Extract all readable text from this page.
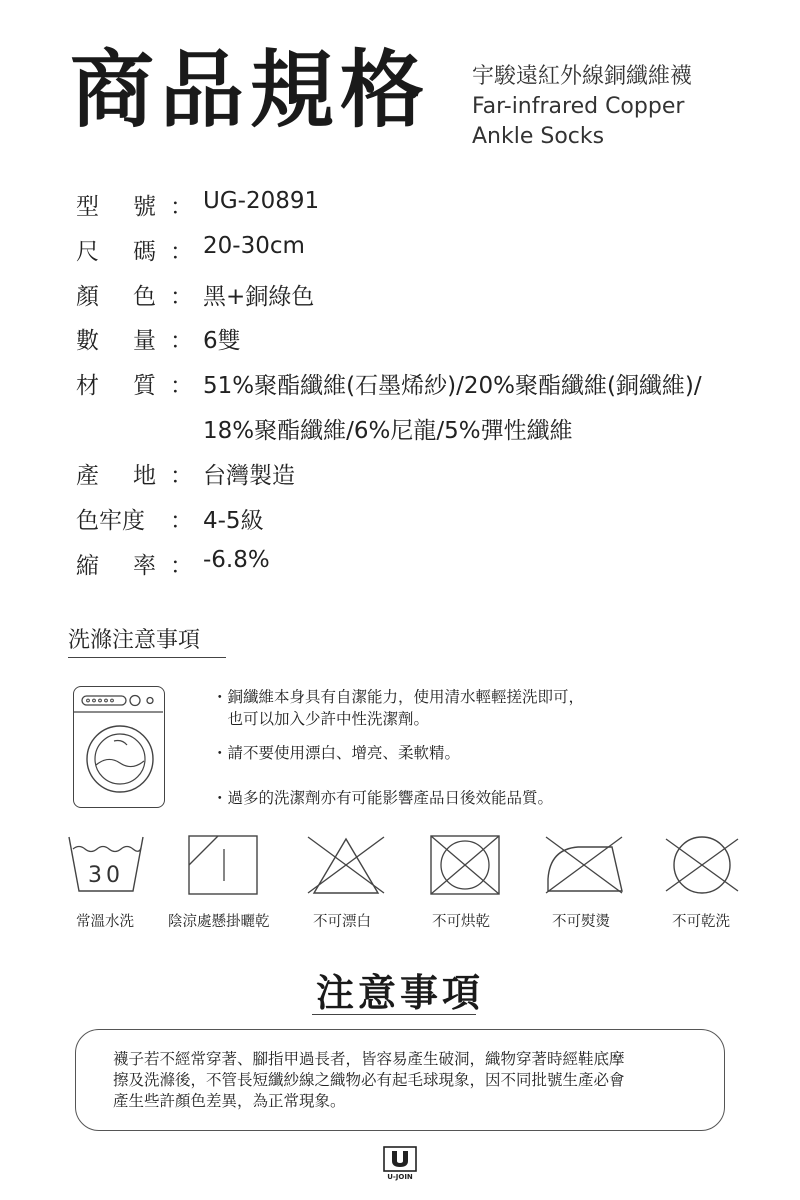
商品規格 宇駿遠紅外線銅纖維襪
Far-infrared Copper
Ankle Socks
型 號 ： UG-20891
尺 碼 ： 20-30cm
顏 色 ： 黑+銅綠色
數 量 ： 6雙
材 質 ： 51%聚酯纖維(石墨烯紗)/20%聚酯纖維(銅纖維)/
18%聚酯纖維/6%尼龍/5%彈性纖維
產 地 ： 台灣製造
色牢度 ： 4-5級
縮 率 ： -6.8%
洗滌注意事項
・銅纖維本身具有自潔能力，使用清水輕輕搓洗即可，
　也可以加入少許中性洗潔劑。
・請不要使用漂白、增亮、柔軟精。
・過多的洗潔劑亦有可能影響產品日後效能品質。
30
常溫水洗 陰涼處懸掛曬乾	不可漂白	不可烘乾	不可熨燙	不可乾洗
注意事項
襪子若不經常穿著、腳指甲過長者，皆容易產生破洞，織物穿著時經鞋底摩
擦及洗滌後，不管長短纖紗線之織物必有起毛球現象，因不同批號生產必會
產生些許顏色差異，為正常現象。
U-JOIN
